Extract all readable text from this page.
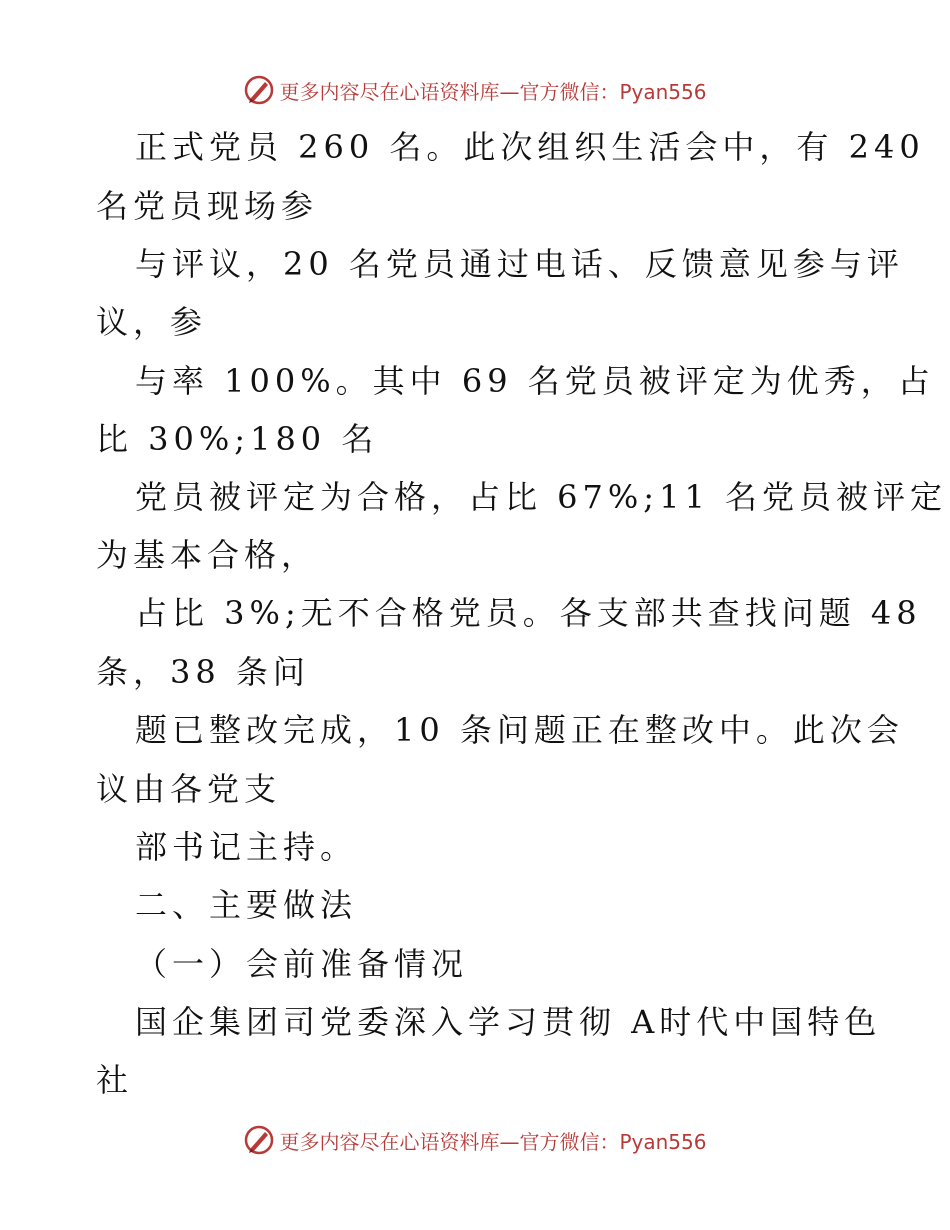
更多内容尽在心语资料库—官方微信：Pyan556
正式党员 260 名。此次组织生活会中，有 240
名党员现场参
与评议，20 名党员通过电话、反馈意见参与评
议，参
与率 100%。其中 69 名党员被评定为优秀，占
比 30%;180 名
党员被评定为合格，占比 67%;11 名党员被评定
为基本合格，
占比 3%;无不合格党员。各支部共查找问题 48
条，38 条问
题已整改完成，10 条问题正在整改中。此次会
议由各党支
部书记主持。
二、主要做法
（一）会前准备情况
国企集团司党委深入学习贯彻 A时代中国特色
社
更多内容尽在心语资料库—官方微信：Pyan556
